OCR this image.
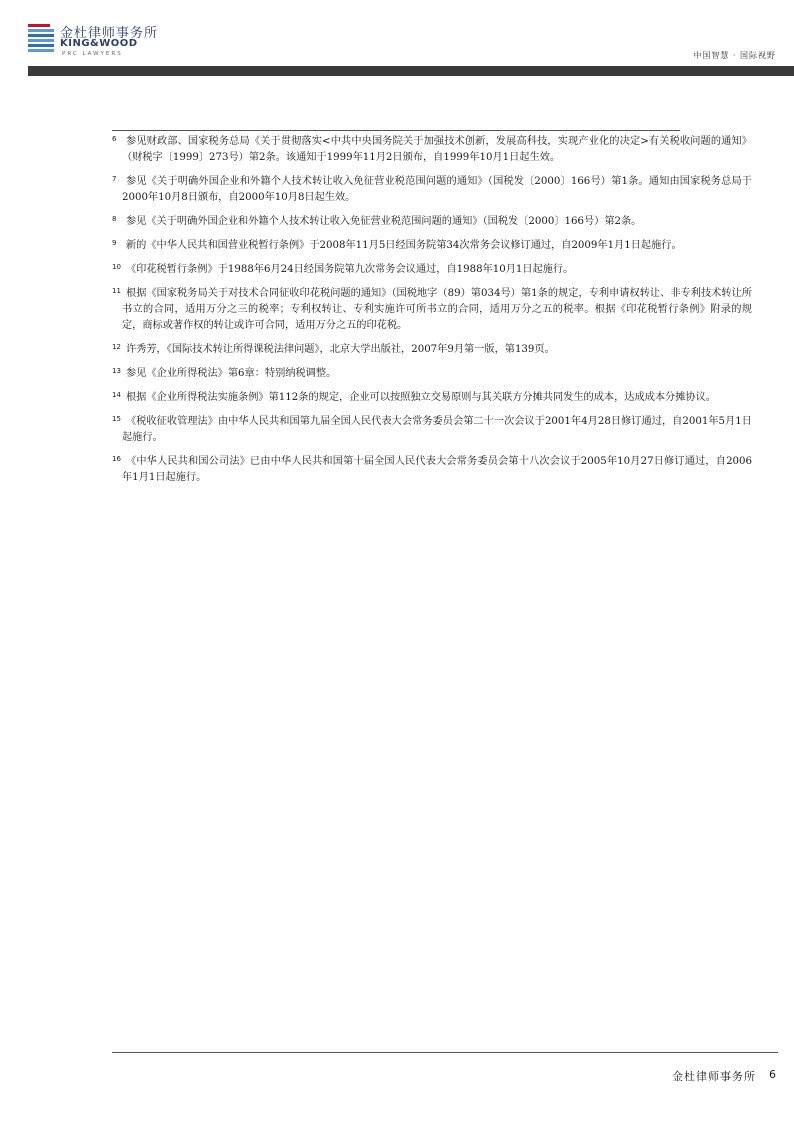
金杜律师事务所
KING&WOOD
PRC LAWYERS	中国智慧 · 国际视野

6 参见财政部、国家税务总局《关于贯彻落实<中共中央国务院关于加强技术创新，发展高科技，实现产业化的决定>有关税收问题的通知》（财税字〔1999〕273号）第2条。该通知于1999年11月2日颁布，自1999年10月1日起生效。

7 参见《关于明确外国企业和外籍个人技术转让收入免征营业税范围问题的通知》（国税发〔2000〕166号）第1条。通知由国家税务总局于2000年10月8日颁布，自2000年10月8日起生效。

8 参见《关于明确外国企业和外籍个人技术转让收入免征营业税范围问题的通知》（国税发〔2000〕166号）第2条。

9 新的《中华人民共和国营业税暂行条例》于2008年11月5日经国务院第34次常务会议修订通过，自2009年1月1日起施行。

10 《印花税暂行条例》于1988年6月24日经国务院第九次常务会议通过，自1988年10月1日起施行。

11 根据《国家税务局关于对技术合同征收印花税问题的通知》（国税地字（89）第034号）第1条的规定，专利申请权转让、非专利技术转让所书立的合同，适用万分之三的税率；专利权转让、专利实施许可所书立的合同，适用万分之五的税率。根据《印花税暂行条例》附录的规定，商标或著作权的转让或许可合同，适用万分之五的印花税。

12 许秀芳，《国际技术转让所得课税法律问题》，北京大学出版社，2007年9月第一版，第139页。

13 参见《企业所得税法》第6章：特别纳税调整。

14 根据《企业所得税法实施条例》第112条的规定，企业可以按照独立交易原则与其关联方分摊共同发生的成本，达成成本分摊协议。

15 《税收征收管理法》由中华人民共和国第九届全国人民代表大会常务委员会第二十一次会议于2001年4月28日修订通过，自2001年5月1日起施行。

16 《中华人民共和国公司法》已由中华人民共和国第十届全国人民代表大会常务委员会第十八次会议于2005年10月27日修订通过，自2006年1月1日起施行。

金杜律师事务所 6
